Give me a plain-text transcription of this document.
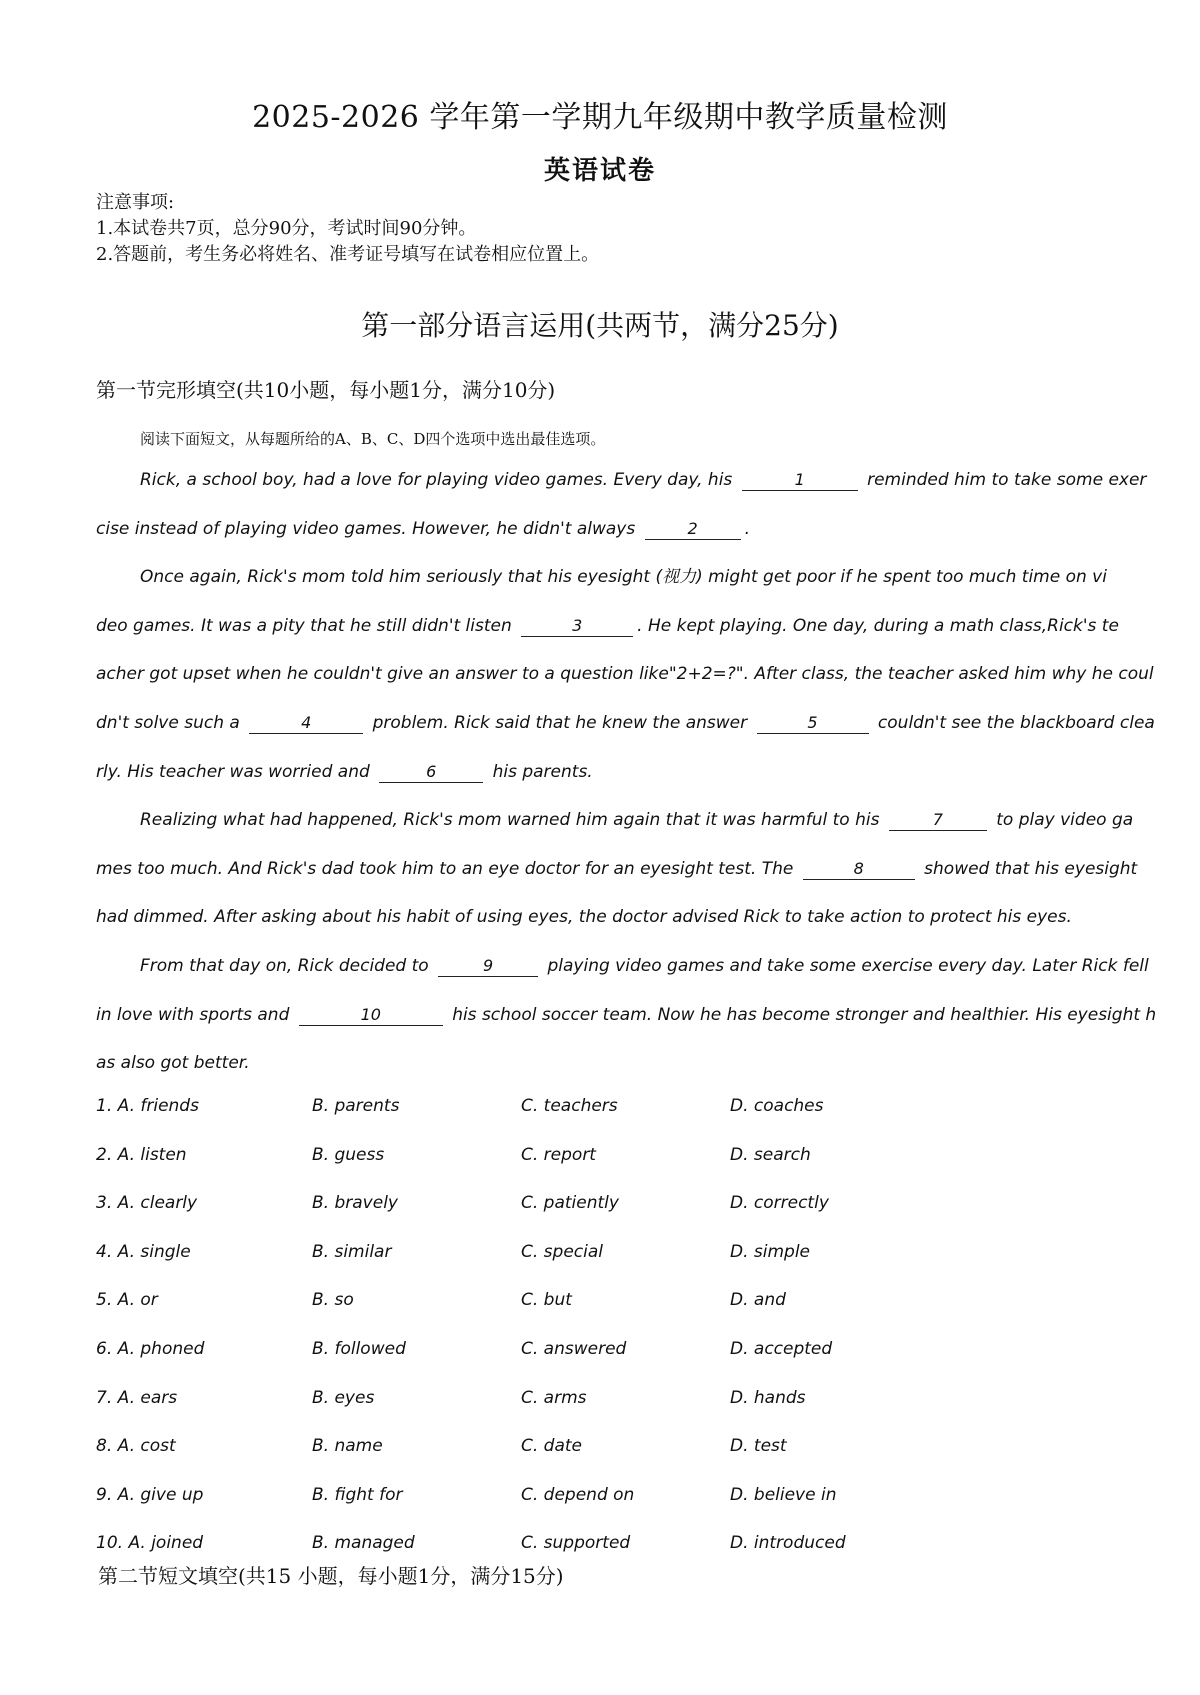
2025-2026 学年第一学期九年级期中教学质量检测
英语试卷
注意事项:
1.本试卷共7页，总分90分，考试时间90分钟。
2.答题前，考生务必将姓名、准考证号填写在试卷相应位置上。
第一部分语言运用(共两节，满分25分)
第一节完形填空(共10小题，每小题1分，满分10分)
阅读下面短文，从每题所给的A、B、C、D四个选项中选出最佳选项。
Rick, a school boy, had a love for playing video games. Every day, his	1	reminded him to take some exer
cise instead of playing video games. However, he didn't always	2	.
Once again, Rick's mom told him seriously that his eyesight (视力) might get poor if he spent too much time on vi
deo games. It was a pity that he still didn't listen	3	. He kept playing. One day, during a math class,Rick's te
acher got upset when he couldn't give an answer to a question like"2+2=?". After class, the teacher asked him why he coul
dn't solve such a	4	problem. Rick said that he knew the answer	5	couldn't see the blackboard clea
rly. His teacher was worried and	6	his parents.
Realizing what had happened, Rick's mom warned him again that it was harmful to his	7	to play video ga
mes too much. And Rick's dad took him to an eye doctor for an eyesight test. The	8	showed that his eyesight
had dimmed. After asking about his habit of using eyes, the doctor advised Rick to take action to protect his eyes.
From that day on, Rick decided to	9	playing video games and take some exercise every day. Later Rick fell
in love with sports and	10	his school soccer team. Now he has become stronger and healthier. His eyesight h
as also got better.
1. A. friends	B. parents	C. teachers	D. coaches
2. A. listen	B. guess	C. report	D. search
3. A. clearly	B. bravely	C. patiently	D. correctly
4. A. single	B. similar	C. special	D. simple
5. A. or	B. so	C. but	D. and
6. A. phoned	B. followed	C. answered	D. accepted
7. A. ears	B. eyes	C. arms	D. hands
8. A. cost	B. name	C. date	D. test
9. A. give up	B. fight for	C. depend on	D. believe in
10. A. joined	B. managed	C. supported	D. introduced
第二节短文填空(共15 小题，每小题1分，满分15分)
